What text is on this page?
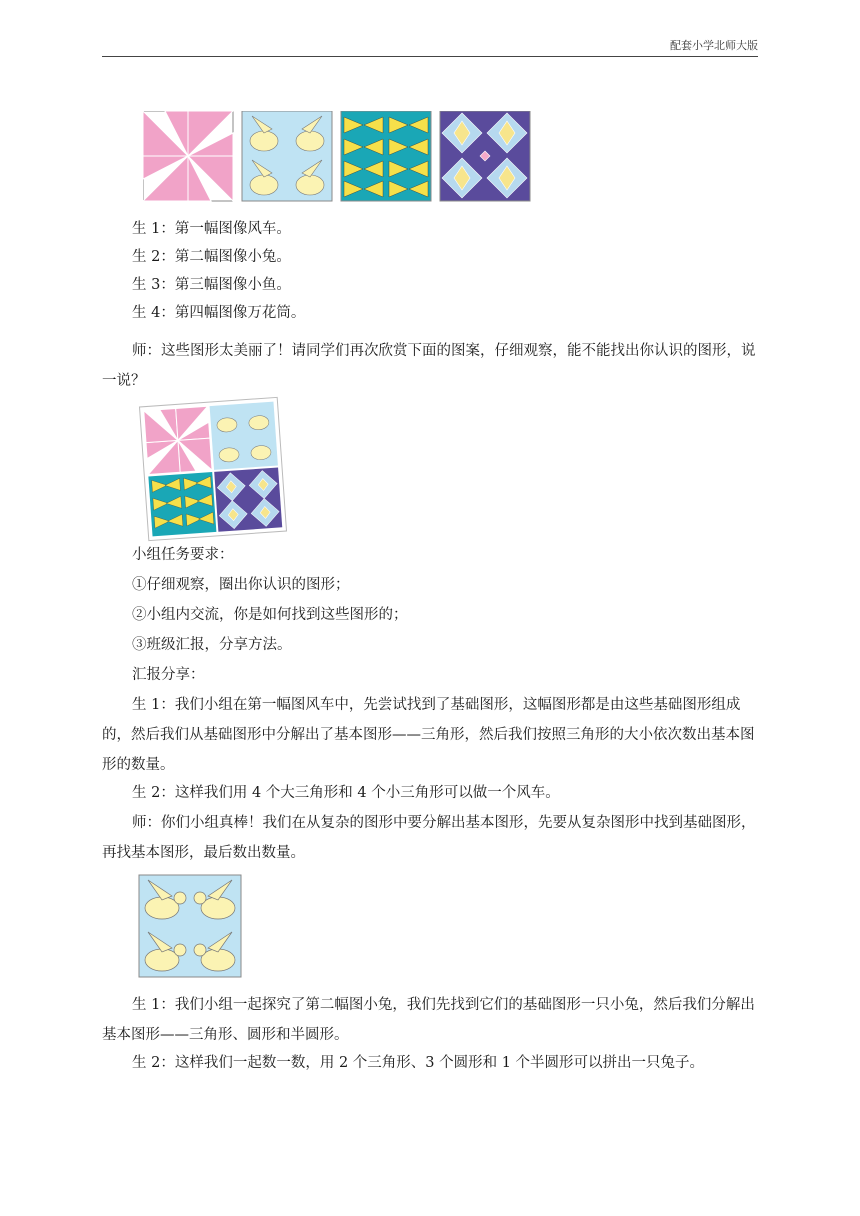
配套小学北师大版

生 1：第一幅图像风车。

生 2：第二幅图像小兔。

生 3：第三幅图像小鱼。

生 4：第四幅图像万花筒。

师：这些图形太美丽了！请同学们再次欣赏下面的图案，仔细观察，能不能找出你认识的图形，说一说？

小组任务要求：

①仔细观察，圈出你认识的图形；

②小组内交流，你是如何找到这些图形的；

③班级汇报，分享方法。

汇报分享：

生 1：我们小组在第一幅图风车中，先尝试找到了基础图形，这幅图形都是由这些基础图形组成的，然后我们从基础图形中分解出了基本图形——三角形，然后我们按照三角形的大小依次数出基本图形的数量。

生 2：这样我们用 4 个大三角形和 4 个小三角形可以做一个风车。

师：你们小组真棒！我们在从复杂的图形中要分解出基本图形，先要从复杂图形中找到基础图形，再找基本图形，最后数出数量。

生 1：我们小组一起探究了第二幅图小兔，我们先找到它们的基础图形一只小兔，然后我们分解出基本图形——三角形、圆形和半圆形。

生 2：这样我们一起数一数，用 2 个三角形、3 个圆形和 1 个半圆形可以拼出一只兔子。
